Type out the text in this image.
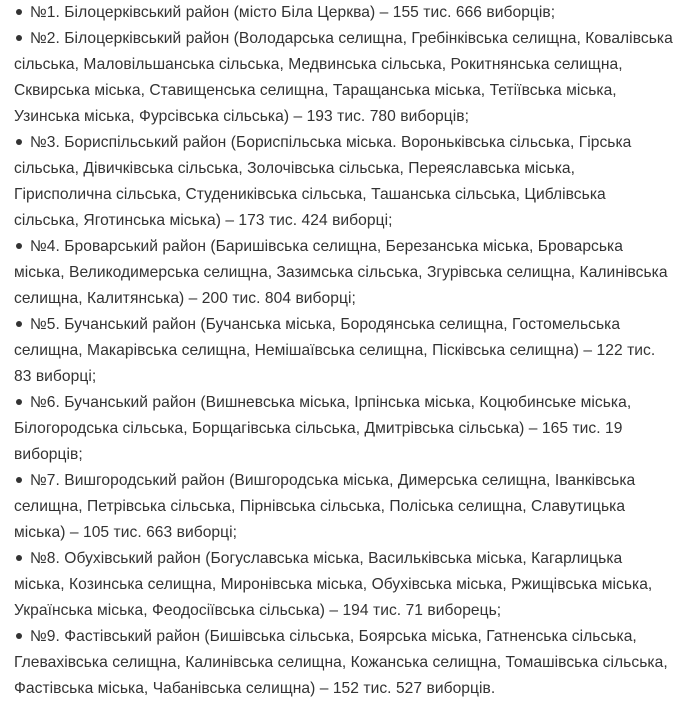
№1. Білоцерківський район (місто Біла Церква) – 155 тис. 666 виборців;
№2. Білоцерківський район (Володарська селищна, Гребінківська селищна, Ковалівська сільська, Маловільшанська сільська, Медвинська сільська, Рокитнянська селищна, Сквирська міська, Ставищенська селищна, Таращанська міська, Тетіївська міська, Узинська міська, Фурсівська сільська) – 193 тис. 780 виборців;
№3. Бориспільський район (Бориспільська міська. Вороньківська сільська, Гірська сільська, Дівичківська сільська, Золочівська сільська, Переяславська міська, Гірисполична сільська, Студениківська сільська, Ташанська сільська, Циблівська сільська, Яготинська міська) – 173 тис. 424 виборці;
№4. Броварський район (Баришівська селищна, Березанська міська, Броварська міська, Великодимерська селищна, Зазимська сільська, Згурівська селищна, Калинівська селищна, Калитянська) – 200 тис. 804 виборці;
№5. Бучанський район (Бучанська міська, Бородянська селищна, Гостомельська селищна, Макарівська селищна, Немішаївська селищна, Пісківська селищна) – 122 тис. 83 виборці;
№6. Бучанський район (Вишневська міська, Ірпінська міська, Коцюбинське міська, Білогородська сільська, Борщагівська сільська, Дмитрівська сільська) – 165 тис. 19 виборців;
№7. Вишгородський район (Вишгородська міська, Димерська селищна, Іванківська селищна, Петрівська сільська, Пірнівська сільська, Поліська селищна, Славутицька міська) – 105 тис. 663 виборці;
№8. Обухівський район (Богуславська міська, Васильківська міська, Кагарлицька міська, Козинська селищна, Миронівська міська, Обухівська міська, Ржищівська міська, Українська міська, Феодосіївська сільська) – 194 тис. 71 виборець;
№9. Фастівський район (Бишівська сільська, Боярська міська, Гатненська сільська, Глевахівська селищна, Калинівська селищна, Кожанська селищна, Томашівська сільська, Фастівська міська, Чабанівська селищна) – 152 тис. 527 виборців.
